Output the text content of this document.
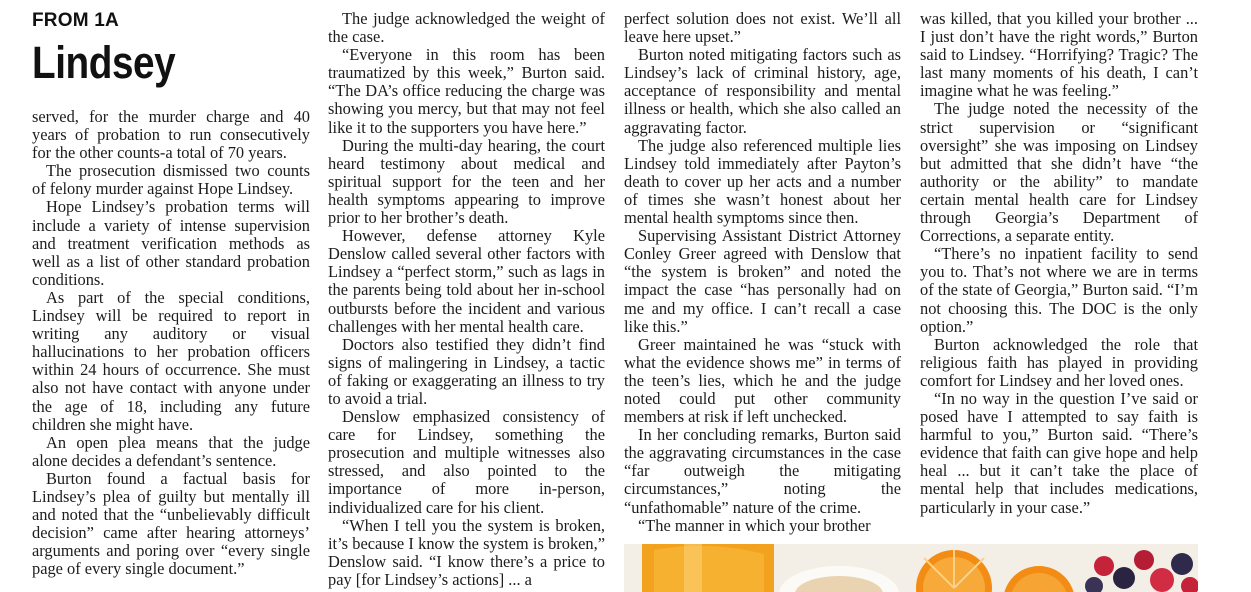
FROM 1A
Lindsey

served, for the murder charge and 40 years of probation to run consecutively for the other counts-a total of 70 years.

The prosecution dismissed two counts of felony murder against Hope Lindsey.

Hope Lindsey’s probation terms will include a variety of intense supervision and treatment verification methods as well as a list of other standard probation conditions.

As part of the special conditions, Lindsey will be required to report in writing any auditory or visual hallucinations to her probation officers within 24 hours of occurrence. She must also not have contact with anyone under the age of 18, including any future children she might have.

An open plea means that the judge alone decides a defendant’s sentence.

Burton found a factual basis for Lindsey’s plea of guilty but mentally ill and noted that the “unbelievably difficult decision” came after hearing attorneys’ arguments and poring over “every single page of every single document.”

The judge acknowledged the weight of the case.

“Everyone in this room has been traumatized by this week,” Burton said. “The DA’s office reducing the charge was showing you mercy, but that may not feel like it to the supporters you have here.”

During the multi-day hearing, the court heard testimony about medical and spiritual support for the teen and her health symptoms appearing to improve prior to her brother’s death.

However, defense attorney Kyle Denslow called several other factors with Lindsey a “perfect storm,” such as lags in the parents being told about her in-school outbursts before the incident and various challenges with her mental health care.

Doctors also testified they didn’t find signs of malingering in Lindsey, a tactic of faking or exaggerating an illness to try to avoid a trial.

Denslow emphasized consistency of care for Lindsey, something the prosecution and multiple witnesses also stressed, and also pointed to the importance of more in-person, individualized care for his client.

“When I tell you the system is broken, it’s because I know the system is broken,” Denslow said. “I know there’s a price to pay [for Lindsey’s actions] ... a

perfect solution does not exist. We’ll all leave here upset.”

Burton noted mitigating factors such as Lindsey’s lack of criminal history, age, acceptance of responsibility and mental illness or health, which she also called an aggravating factor.

The judge also referenced multiple lies Lindsey told immediately after Payton’s death to cover up her acts and a number of times she wasn’t honest about her mental health symptoms since then.

Supervising Assistant District Attorney Conley Greer agreed with Denslow that “the system is broken” and noted the impact the case “has personally had on me and my office. I can’t recall a case like this.”

Greer maintained he was “stuck with what the evidence shows me” in terms of the teen’s lies, which he and the judge noted could put other community members at risk if left unchecked.

In her concluding remarks, Burton said the aggravating circumstances in the case “far outweigh the mitigating circumstances,” noting the “unfathomable” nature of the crime.

“The manner in which your brother

was killed, that you killed your brother ... I just don’t have the right words,” Burton said to Lindsey. “Horrifying? Tragic? The last many moments of his death, I can’t imagine what he was feeling.”

The judge noted the necessity of the strict supervision or “significant oversight” she was imposing on Lindsey but admitted that she didn’t have “the authority or the ability” to mandate certain mental health care for Lindsey through Georgia’s Department of Corrections, a separate entity.

“There’s no inpatient facility to send you to. That’s not where we are in terms of the state of Georgia,” Burton said. “I’m not choosing this. The DOC is the only option.”

Burton acknowledged the role that religious faith has played in providing comfort for Lindsey and her loved ones.

“In no way in the question I’ve said or posed have I attempted to say faith is harmful to you,” Burton said. “There’s evidence that faith can give hope and help heal ... but it can’t take the place of mental help that includes medications, particularly in your case.”
